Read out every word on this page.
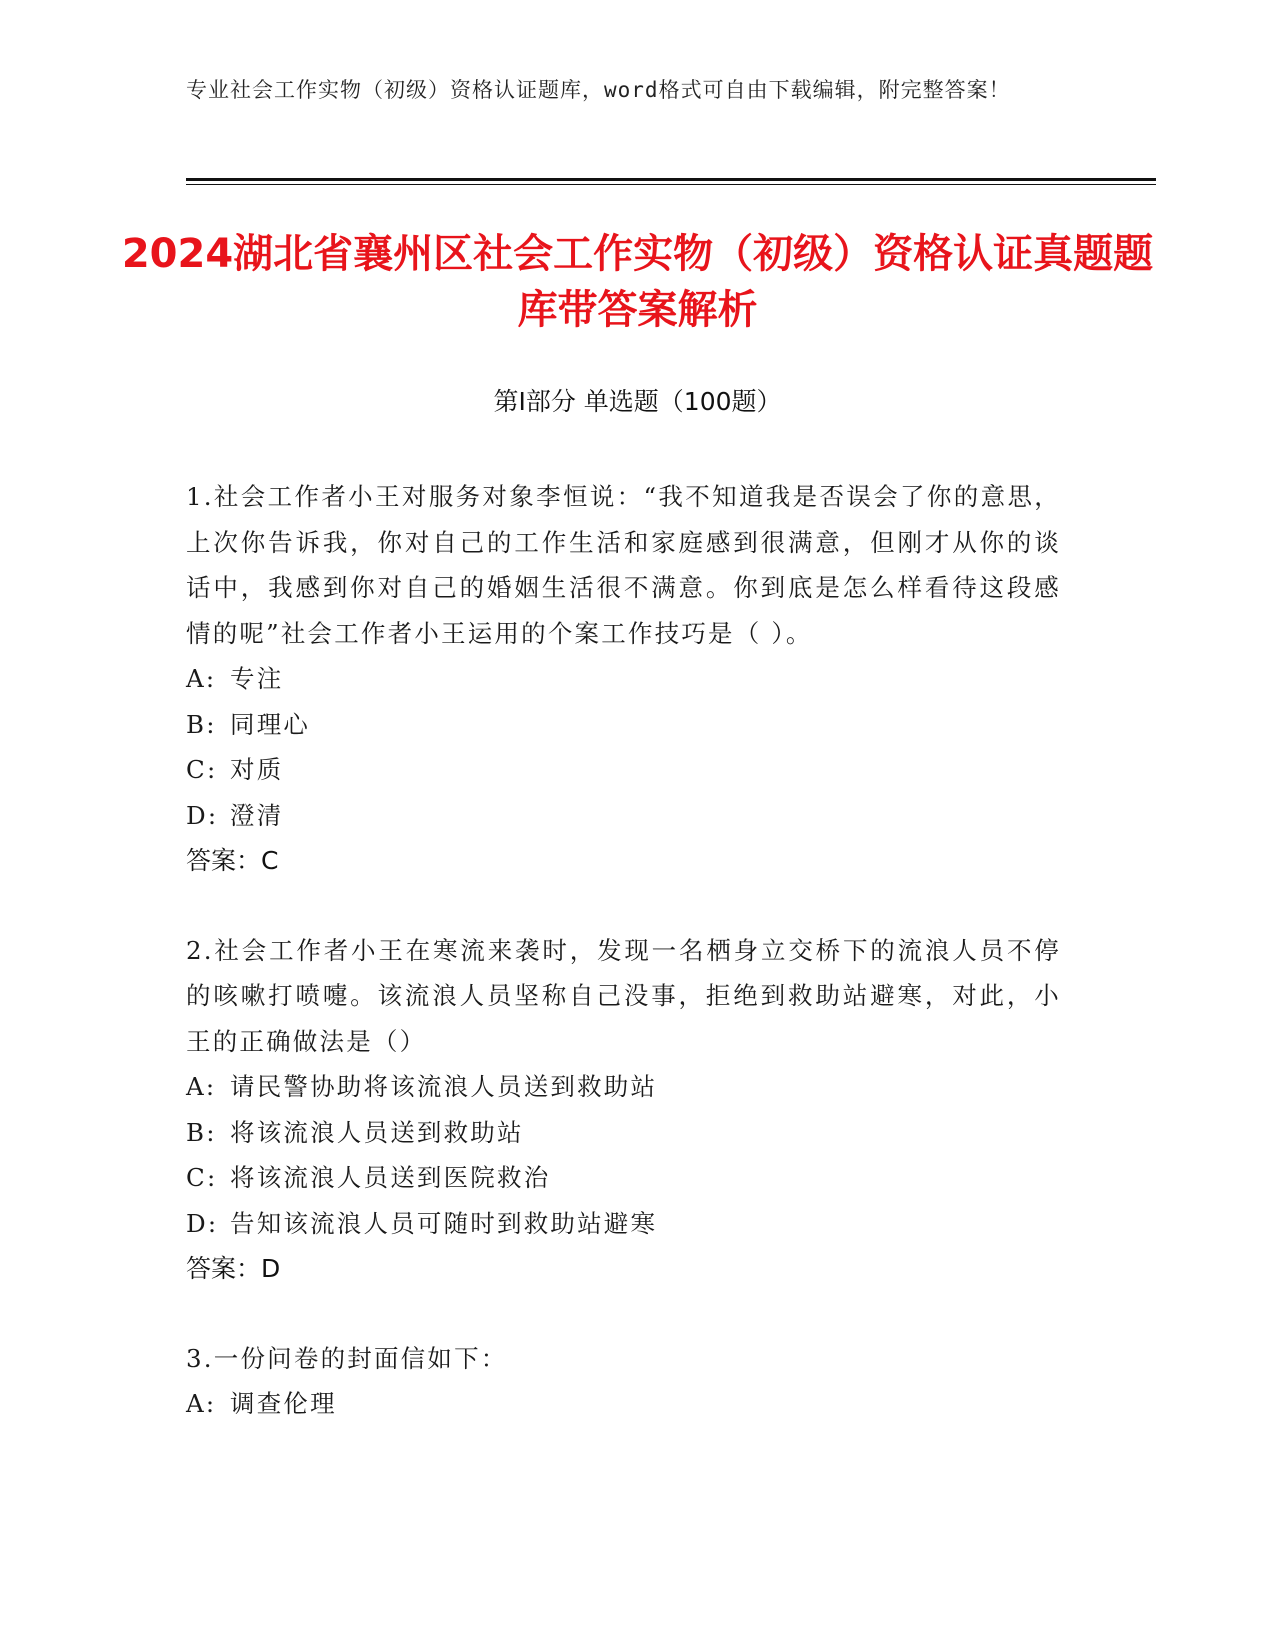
专业社会工作实物（初级）资格认证题库，word格式可自由下载编辑，附完整答案！
2024湖北省襄州区社会工作实物（初级）资格认证真题题库带答案解析
第Ⅰ部分 单选题（100题）
1.社会工作者小王对服务对象李恒说：“我不知道我是否误会了你的意思，上次你告诉我，你对自己的工作生活和家庭感到很满意，但刚才从你的谈话中，我感到你对自己的婚姻生活很不满意。你到底是怎么样看待这段感情的呢”社会工作者小王运用的个案工作技巧是（ ）。
A: 专注
B: 同理心
C: 对质
D: 澄清
答案：C
2.社会工作者小王在寒流来袭时，发现一名栖身立交桥下的流浪人员不停的咳嗽打喷嚏。该流浪人员坚称自己没事，拒绝到救助站避寒，对此，小王的正确做法是（）
A: 请民警协助将该流浪人员送到救助站
B: 将该流浪人员送到救助站
C: 将该流浪人员送到医院救治
D: 告知该流浪人员可随时到救助站避寒
答案：D
3.一份问卷的封面信如下：
A: 调查伦理
